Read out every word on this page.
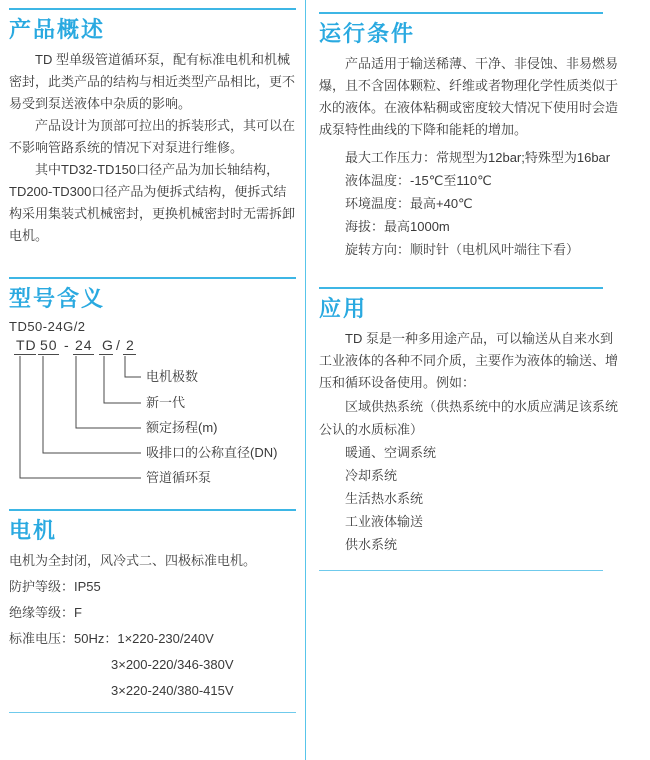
产品概述
TD 型单级管道循环泵，配有标准电机和机械密封，此类产品的结构与相近类型产品相比，更不易受到泵送液体中杂质的影响。
产品设计为顶部可拉出的拆装形式，其可以在不影响管路系统的情况下对泵进行维修。
其中TD32-TD150口径产品为加长轴结构，TD200-TD300口径产品为便拆式结构，便拆式结构采用集装式机械密封，更换机械密封时无需拆卸电机。
型号含义
TD50-24G/2
TD 50 - 24 G / 2
电机极数
新一代
额定扬程(m)
吸排口的公称直径(DN)
管道循环泵
电机
电机为全封闭，风冷式二、四极标准电机。
防护等级：IP55
绝缘等级：F
标准电压：50Hz：1×220-230/240V
3×200-220/346-380V
3×220-240/380-415V
运行条件
产品适用于输送稀薄、干净、非侵蚀、非易燃易爆，且不含固体颗粒、纤维或者物理化学性质类似于水的液体。在液体粘稠或密度较大情况下使用时会造成泵特性曲线的下降和能耗的增加。
最大工作压力：常规型为12bar;特殊型为16bar
液体温度：-15℃至110℃
环境温度：最高+40℃
海拔：最高1000m
旋转方向：顺时针（电机风叶端往下看）
应用
TD 泵是一种多用途产品，可以输送从自来水到工业液体的各种不同介质，主要作为液体的输送、增压和循环设备使用。例如：
区域供热系统（供热系统中的水质应满足该系统公认的水质标准）
暖通、空调系统
冷却系统
生活热水系统
工业液体输送
供水系统
